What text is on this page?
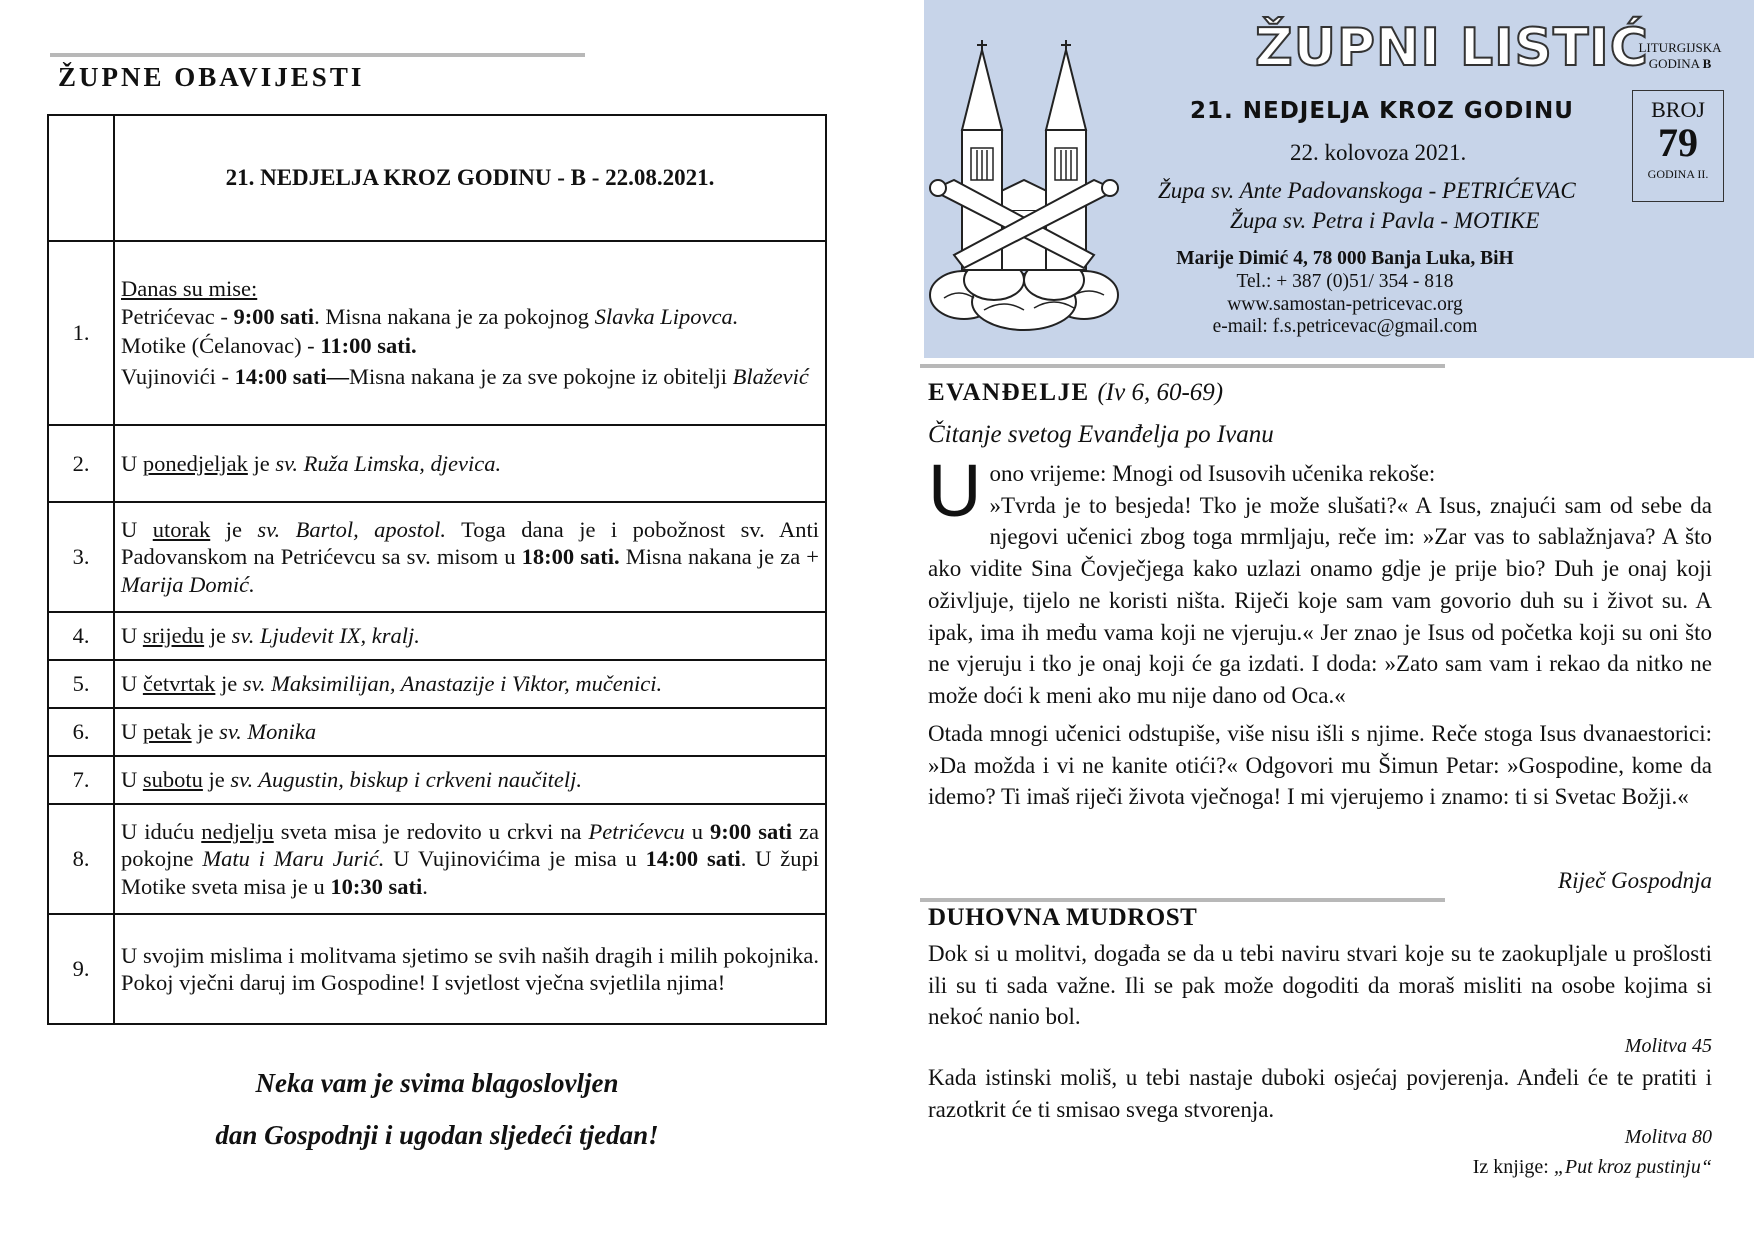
ŽUPNE OBAVIJESTI
	21. NEDJELJA KROZ GODINU - B - 22.08.2021.
1.	Danas su mise:

Petrićevac - 9:00 sati. Misna nakana je za pokojnog Slavka Lipovca.

Motike (Ćelanovac) - 11:00 sati.

Vujinovići - 14:00 sati—Misna nakana je za sve pokojne iz obitelji Blažević

2.	U ponedjeljak je sv. Ruža Limska, djevica.
3.	U utorak je sv. Bartol, apostol. Toga dana je i pobožnost sv. Anti Padovanskom na Petrićevcu sa sv. misom u 18:00 sati. Misna nakana je za + Marija Domić.
4.	U srijedu je sv. Ljudevit IX, kralj.
5.	U četvrtak je sv. Maksimilijan, Anastazije i Viktor, mučenici.
6.	U petak je sv. Monika
7.	U subotu je sv. Augustin, biskup i crkveni naučitelj.
8.	U iduću nedjelju sveta misa je redovito u crkvi na Petrićevcu u 9:00 sati za pokojne Matu i Maru Jurić. U Vujinovićima je misa u 14:00 sati. U župi Motike sveta misa je u 10:30 sati.
9.	U svojim mislima i molitvama sjetimo se svih naših dragih i milih pokojnika. Pokoj vječni daruj im Gospodine! I svjetlost vječna svjetlila njima!
Neka vam je svima blagoslovljen
dan Gospodnji i ugodan sljedeći tjedan!
ŽUPNI LISTIĆ
LITURGIJSKA
GODINA B
BROJ
79
GODINA II.
21. NEDJELJA KROZ GODINU
22. kolovoza 2021.
Župa sv. Ante Padovanskoga - PETRIĆEVAC
Župa sv. Petra i Pavla - MOTIKE
Marije Dimić 4, 78 000 Banja Luka, BiH
Tel.: + 387 (0)51/ 354 - 818
www.samostan-petricevac.org
e-mail: f.s.petricevac@gmail.com
EVANĐELJE (Iv 6, 60-69)
Čitanje svetog Evanđelja po Ivanu

Uono vrijeme: Mnogi od Isusovih učenika rekoše:
»Tvrda je to besjeda! Tko je može slušati?« A Isus, znajući sam od sebe da njegovi učenici zbog toga mrmljaju, reče im: »Zar vas to sablažnjava? A što ako vidite Sina Čovječjega kako uzlazi onamo gdje je prije bio? Duh je onaj koji oživljuje, tijelo ne koristi ništa. Riječi koje sam vam govorio duh su i život su. A ipak, ima ih među vama koji ne vjeruju.« Jer znao je Isus od početka koji su oni što ne vjeruju i tko je onaj koji će ga izdati. I doda: »Zato sam vam i rekao da nitko ne može doći k meni ako mu nije dano od Oca.«

Otada mnogi učenici odstupiše, više nisu išli s njime. Reče stoga Isus dvanaestorici: »Da možda i vi ne kanite otići?« Odgovori mu Šimun Petar: »Gospodine, kome da idemo? Ti imaš riječi života vječnoga! I mi vjerujemo i znamo: ti si Svetac Božji.«

Riječ Gospodnja
DUHOVNA MUDROST
Dok si u molitvi, događa se da u tebi naviru stvari koje su te zaokupljale u prošlosti ili su ti sada važne. Ili se pak može dogoditi da moraš misliti na osobe kojima si nekoć nanio bol.
Molitva 45
Kada istinski moliš, u tebi nastaje duboki osjećaj povjerenja. Anđeli će te pratiti i razotkrit će ti smisao svega stvorenja.
Molitva 80
Iz knjige: „Put kroz pustinju“
